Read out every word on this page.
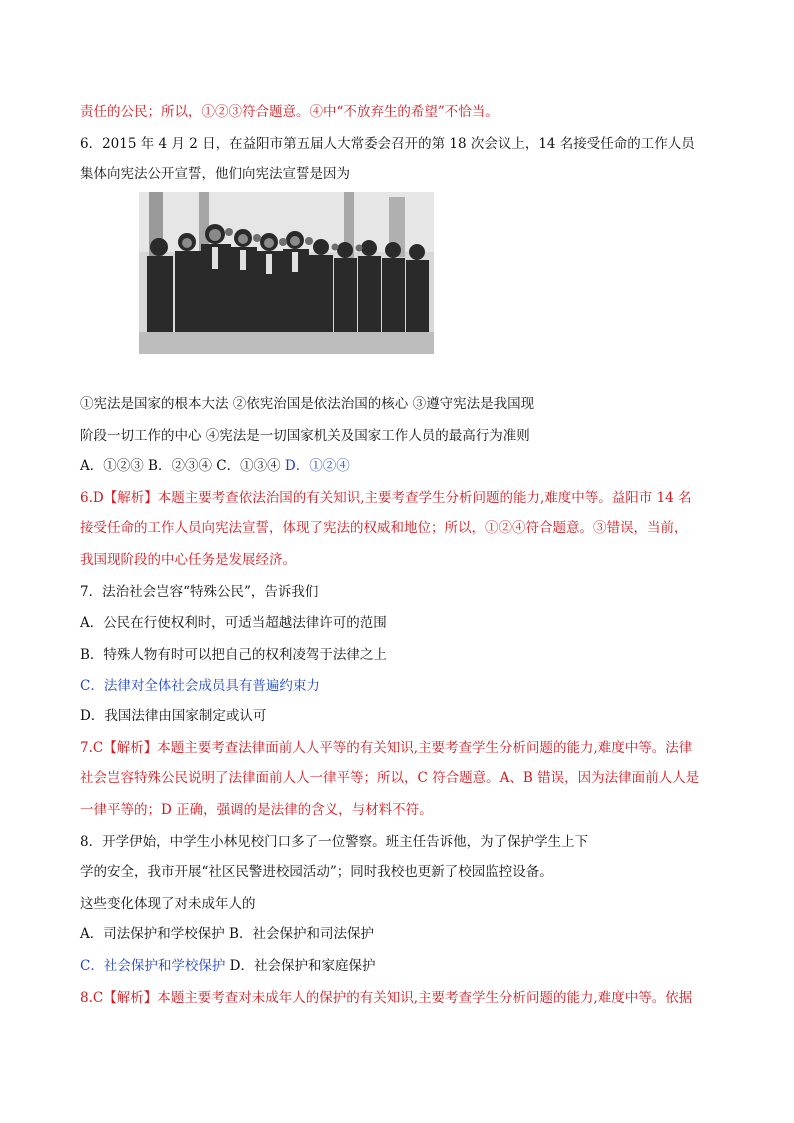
责任的公民；所以，①②③符合题意。④中“不放弃生的希望”不恰当。
6．2015 年 4 月 2 日，在益阳市第五届人大常委会召开的第 18 次会议上，14 名接受任命的工作人员
集体向宪法公开宣誓，他们向宪法宣誓是因为
①宪法是国家的根本大法 ②依宪治国是依法治国的核心 ③遵守宪法是我国现
阶段一切工作的中心 ④宪法是一切国家机关及国家工作人员的最高行为准则
A．①②③ B．②③④ C．①③④ D．①②④
6.D【解析】本题主要考查依法治国的有关知识,主要考查学生分析问题的能力,难度中等。益阳市 14 名
接受任命的工作人员向宪法宣誓，体现了宪法的权威和地位；所以，①②④符合题意。③错误，当前，
我国现阶段的中心任务是发展经济。
7．法治社会岂容“特殊公民”，告诉我们
A．公民在行使权利时，可适当超越法律许可的范围
B．特殊人物有时可以把自己的权利凌驾于法律之上
C．法律对全体社会成员具有普遍约束力
D．我国法律由国家制定或认可
7.C【解析】本题主要考查法律面前人人平等的有关知识,主要考查学生分析问题的能力,难度中等。法律
社会岂容特殊公民说明了法律面前人人一律平等；所以，C 符合题意。A、B 错误，因为法律面前人人是
一律平等的；D 正确，强调的是法律的含义，与材料不符。
8．开学伊始，中学生小林见校门口多了一位警察。班主任告诉他，为了保护学生上下
学的安全，我市开展“社区民警进校园活动”；同时我校也更新了校园监控设备。
这些变化体现了对未成年人的
A．司法保护和学校保护 B．社会保护和司法保护
C．社会保护和学校保护 D．社会保护和家庭保护
8.C【解析】本题主要考查对未成年人的保护的有关知识,主要考查学生分析问题的能力,难度中等。依据
